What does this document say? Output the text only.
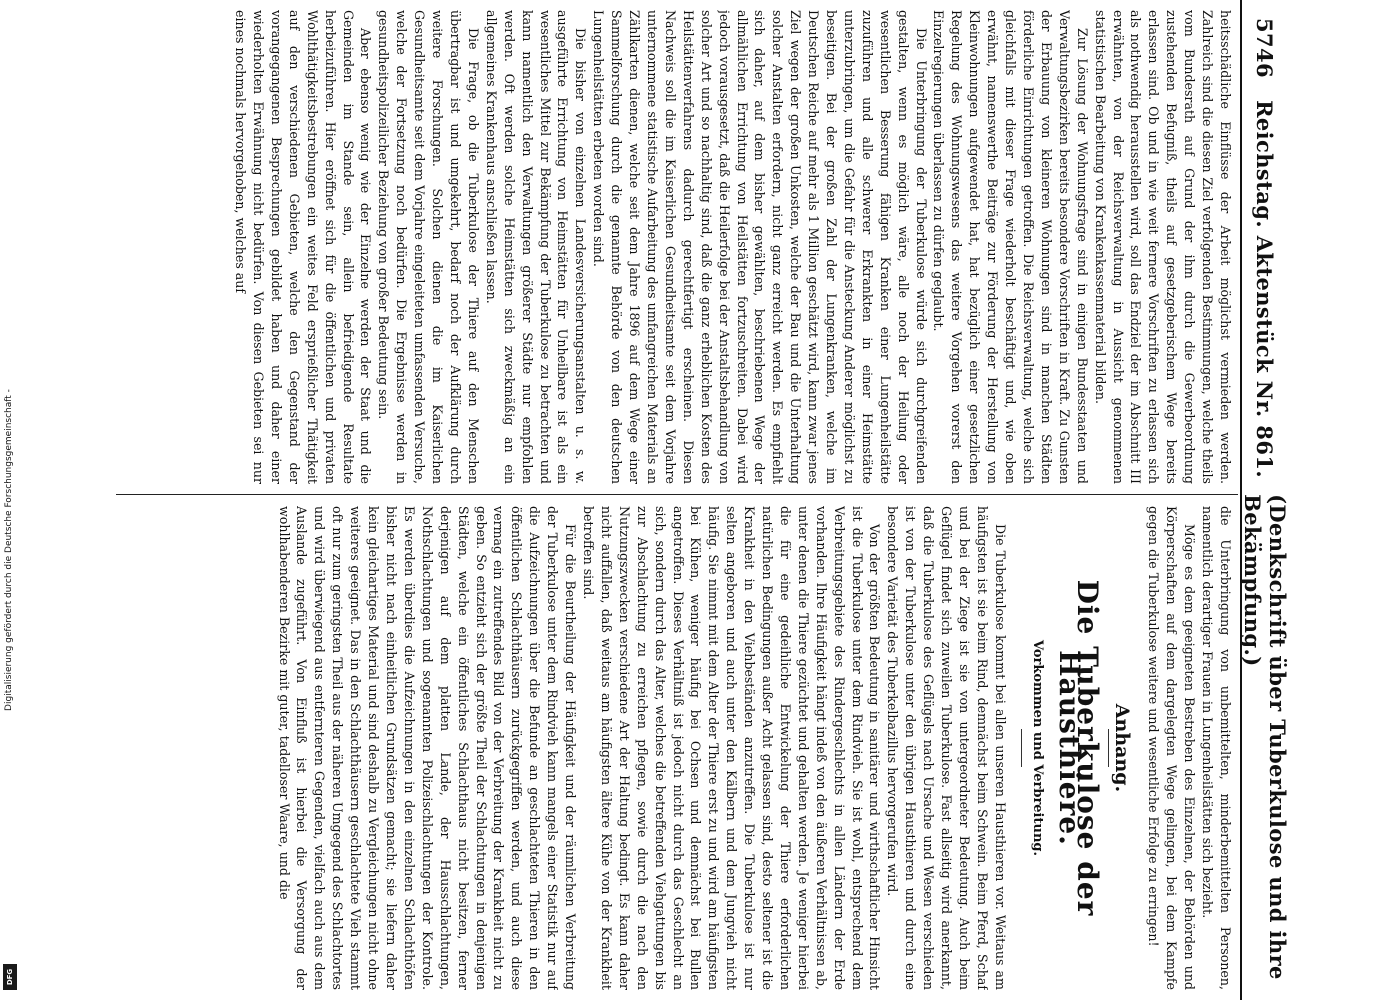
Digitalisierung gefördert durch die Deutsche Forschungsgemeinschaft -
DFG
5746
Reichstag. Aktenstück Nr. 861.
(Denkschrift über Tuberkulose und ihre Bekämpfung.)

heitsschädliche Einflüsse der Arbeit möglichst vermieden werden. Zahlreich sind die diesen Ziel verfolgenden Bestimmungen, welche theils vom Bundesrath auf Grund der ihm durch die Gewerbeordnung zustehenden Befugniß, theils auf gesetzgeberischem Wege bereits erlassen sind. Ob und in wie weit fernere Vorschriften zu erlassen sich als nothwendig herausstellen wird, soll das Endziel der im Abschnitt III erwähnten, von der Reichsverwaltung in Aussicht genommenen statistischen Bearbeitung von Krankenkassenmaterial bilden.

Zur Lösung der Wohnungsfrage sind in einigen Bundesstaaten und Verwaltungsbezirken bereits besondere Vorschriften in Kraft. Zu Gunsten der Erbauung von kleineren Wohnungen sind in manchen Städten förderliche Einrichtungen getroffen. Die Reichsverwaltung, welche sich gleichfalls mit dieser Frage wiederholt beschäftigt und, wie oben erwähnt, namenswerthe Beiträge zur Förderung der Herstellung von Kleinwohnungen aufgewendet hat, hat bezüglich einer gesetzlichen Regelung des Wohnungswesens das weitere Vorgehen vorerst den Einzelregierungen überlassen zu dürfen geglaubt.

Die Unterbringung der Tuberkulose würde sich durchgreifenden gestalten, wenn es möglich wäre, alle noch der Heilung oder wesentlichen Besserung fähigen Kranken einer Lungenheilstätte zuzuführen und alle schwerer Erkrankten in einer Heimstätte unterzubringen, um die Gefahr für die Ansteckung Anderer möglichst zu beseitigen. Bei der großen Zahl der Lungenkranken, welche im Deutschen Reiche auf mehr als 1 Million geschätzt wird, kann zwar jenes Ziel wegen der großen Unkosten, welche der Bau und die Unterhaltung solcher Anstalten erfordern, nicht ganz erreicht werden. Es empfiehlt sich daher, auf dem bisher gewählten, beschriebenen Wege der allmählichen Errichtung von Heilstätten fortzuschreiten. Dabei wird jedoch vorausgesetzt, daß die Heilerfolge bei der Anstaltsbehandlung von solcher Art und so nachhaltig sind, daß die ganz erheblichen Kosten des Heilstättenverfahrens dadurch gerechtfertigt erscheinen. Diesen Nachweis soll die im Kaiserlichen Gesundheitsamte seit dem Vorjahre unternommene statistische Aufarbeitung des umfangreichen Materials an Zählkarten dienen, welche seit dem Jahre 1896 auf dem Wege einer Sammelforschung durch die genannte Behörde von den deutschen Lungenheilstätten erbeten worden sind.

Die bisher von einzelnen Landesversicherungsanstalten u. s. w. ausgeführte Errichtung von Heimstätten für Unheilbare ist als ein wesentliches Mittel zur Bekämpfung der Tuberkulose zu betrachten und kann namentlich den Verwaltungen größerer Städte nur empfohlen werden. Oft werden solche Heimstätten sich zweckmäßig an ein allgemeines Krankenhaus anschließen lassen.

Die Frage, ob die Tuberkulose der Thiere auf den Menschen übertragbar ist und umgekehrt, bedarf noch der Aufklärung durch weitere Forschungen. Solchen dienen die im Kaiserlichen Gesundheitsamte seit dem Vorjahre eingeleiteten umfassenden Versuche, welche der Fortsetzung noch bedürfen. Die Ergebnisse werden in gesundheitspolizeilicher Beziehung von großer Bedeutung sein.

Aber ebenso wenig wie der Einzelne werden der Staat und die Gemeinden im Stande sein, allein befriedigende Resultate herbeizuführen. Hier eröffnet sich für die öffentlichen und privaten Wohlthätigkeitsbestrebungen ein weites Feld ersprießlicher Thätigkeit auf den verschiedenen Gebieten, welche den Gegenstand der vorangegangenen Besprechungen gebildet haben und daher einer wiederholten Erwähnung nicht bedürfen. Von diesen Gebieten sei nur eines nochmals hervorgehoben, welches auf

die Unterbringung von unbemittelten, minderbemittelten Personen, namentlich derartiger Frauen in Lungenheilstätten sich bezieht.

Möge es dem geeigneten Bestreben des Einzelnen, der Behörden und Körperschaften auf dem dargelegten Wege gelingen, bei dem Kampfe gegen die Tuberkulose weitere und wesentliche Erfolge zu erringen!

Anhang.
Die Tuberkulose der Hausthiere.
Vorkommen und Verbreitung.

Die Tuberkulose kommt bei allen unseren Hausthieren vor. Weitaus am häufigsten ist sie beim Rind, demnächst beim Schwein. Beim Pferd, Schaf und bei der Ziege ist sie von untergeordneter Bedeutung. Auch beim Geflügel findet sich zuweilen Tuberkulose. Fast allseitig wird anerkannt, daß die Tuberkulose des Geflügels nach Ursache und Wesen verschieden ist von der Tuberkulose unter den übrigen Hausthieren und durch eine besondere Varietät des Tuberkelbazillus hervorgerufen wird.

Von der größten Bedeutung in sanitärer und wirthschaftlicher Hinsicht ist die Tuberkulose unter dem Rindvieh. Sie ist wohl, entsprechend dem Verbreitungsgebiete des Rindergeschlechts in allen Ländern der Erde vorhanden. Ihre Häufigkeit hängt indeß von den äußeren Verhältnissen ab, unter denen die Thiere gezüchtet und gehalten werden. Je weniger hierbei die für eine gedeihliche Entwickelung der Thiere erforderlichen natürlichen Bedingungen außer Acht gelassen sind, desto seltener ist die Krankheit in den Viehbeständen anzutreffen. Die Tuberkulose ist nur selten angeboren und auch unter den Kälbern und dem Jungvieh nicht häufig. Sie nimmt mit dem Alter der Thiere erst zu und wird am häufigsten bei Kühen, weniger häufig bei Ochsen und demnächst bei Bullen angetroffen. Dieses Verhältniß ist jedoch nicht durch das Geschlecht an sich, sondern durch das Alter, welches die betreffenden Viehgattungen bis zur Abschlachtung zu erreichen pflegen, sowie durch die nach den Nutzungszwecken verschiedene Art der Haltung bedingt. Es kann daher nicht auffallen, daß weitaus am häufigsten ältere Kühe von der Krankheit betroffen sind.

Für die Beurtheilung der Häufigkeit und der räumlichen Verbreitung der Tuberkulose unter dem Rindvieh kann mangels einer Statistik nur auf die Aufzeichnungen über die Befunde an geschlachteten Thieren in den öffentlichen Schlachthäusern zurückgegriffen werden, und auch diese vermag ein zutreffendes Bild von der Verbreitung der Krankheit nicht zu geben. So entzieht sich der größte Theil der Schlachtungen in denjenigen Städten, welche ein öffentliches Schlachthaus nicht besitzen, ferner derjenigen auf dem platten Lande, der Hausschlachtungen, Nothschlachtungen und sogenannten Polizeischlachtungen der Kontrole. Es werden überdies die Aufzeichnungen in den einzelnen Schlachthöfen bisher nicht nach einheitlichen Grundsätzen gemacht; sie liefern daher kein gleichartiges Material und sind deshalb zu Vergleichungen nicht ohne weiteres geeignet. Das in den Schlachthäusern geschlachtete Vieh stammt oft nur zum geringsten Theil aus der näheren Umgegend des Schlachtortes und wird überwiegend aus entfernteren Gegenden, vielfach auch aus dem Auslande zugeführt. Von Einfluß ist hierbei die Versorgung der wohlhabenderen Bezirke mit guter, tadelloser Waare, und die
